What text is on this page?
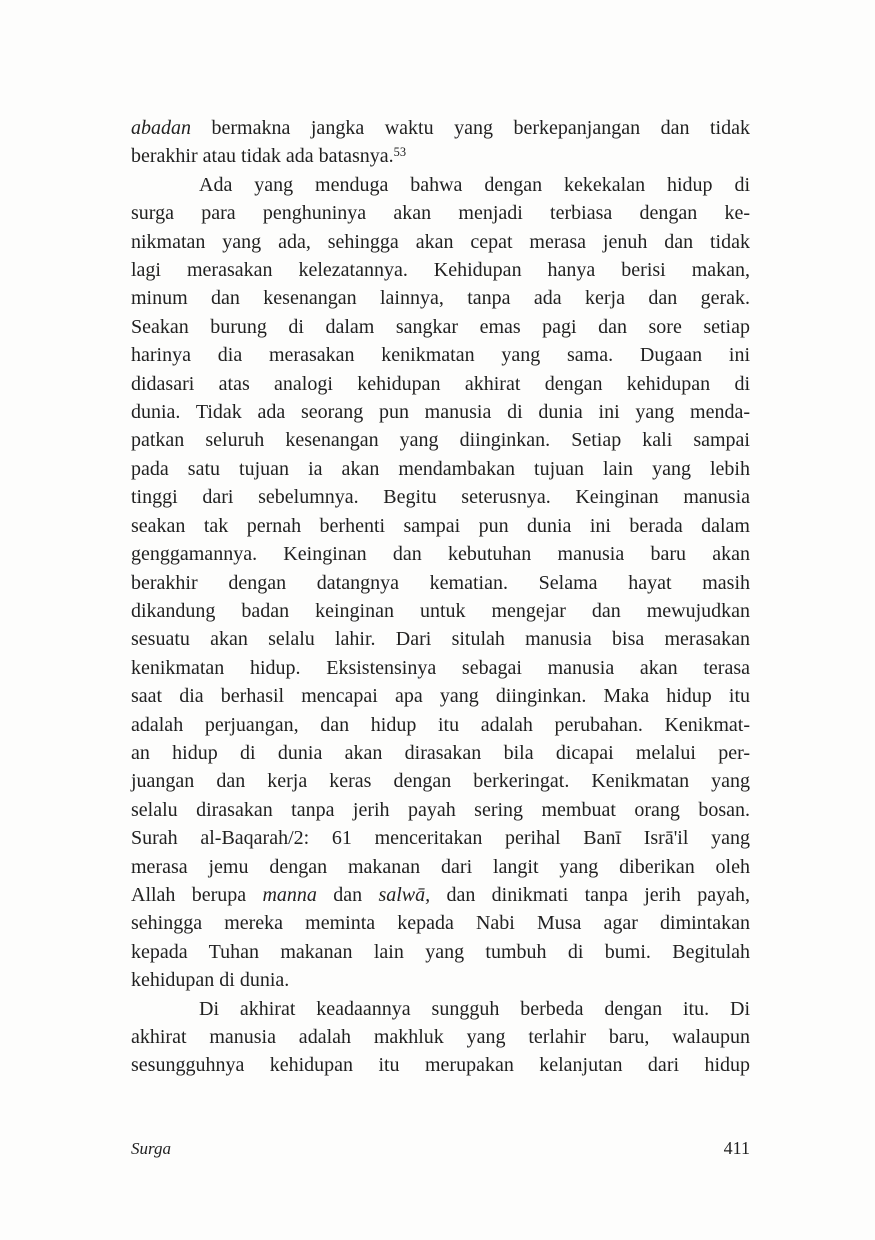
abadan bermakna jangka waktu yang berkepanjangan dan tidak
berakhir atau tidak ada batasnya.$^{53}$
Ada yang menduga bahwa dengan kekekalan hidup di
surga para penghuninya akan menjadi terbiasa dengan ke-
nikmatan yang ada, sehingga akan cepat merasa jenuh dan tidak
lagi merasakan kelezatannya. Kehidupan hanya berisi makan,
minum dan kesenangan lainnya, tanpa ada kerja dan gerak.
Seakan burung di dalam sangkar emas pagi dan sore setiap
harinya dia merasakan kenikmatan yang sama. Dugaan ini
didasari atas analogi kehidupan akhirat dengan kehidupan di
dunia. Tidak ada seorang pun manusia di dunia ini yang menda-
patkan seluruh kesenangan yang diinginkan. Setiap kali sampai
pada satu tujuan ia akan mendambakan tujuan lain yang lebih
tinggi dari sebelumnya. Begitu seterusnya. Keinginan manusia
seakan tak pernah berhenti sampai pun dunia ini berada dalam
genggamannya. Keinginan dan kebutuhan manusia baru akan
berakhir dengan datangnya kematian. Selama hayat masih
dikandung badan keinginan untuk mengejar dan mewujudkan
sesuatu akan selalu lahir. Dari situlah manusia bisa merasakan
kenikmatan hidup. Eksistensinya sebagai manusia akan terasa
saat dia berhasil mencapai apa yang diinginkan. Maka hidup itu
adalah perjuangan, dan hidup itu adalah perubahan. Kenikmat-
an hidup di dunia akan dirasakan bila dicapai melalui per-
juangan dan kerja keras dengan berkeringat. Kenikmatan yang
selalu dirasakan tanpa jerih payah sering membuat orang bosan.
Surah al-Baqarah/2: 61 menceritakan perihal Banī Isrā'il yang
merasa jemu dengan makanan dari langit yang diberikan oleh
Allah berupa manna dan salwā, dan dinikmati tanpa jerih payah,
sehingga mereka meminta kepada Nabi Musa agar dimintakan
kepada Tuhan makanan lain yang tumbuh di bumi. Begitulah
kehidupan di dunia.
Di akhirat keadaannya sungguh berbeda dengan itu. Di
akhirat manusia adalah makhluk yang terlahir baru, walaupun
sesungguhnya kehidupan itu merupakan kelanjutan dari hidup
Surga	411
